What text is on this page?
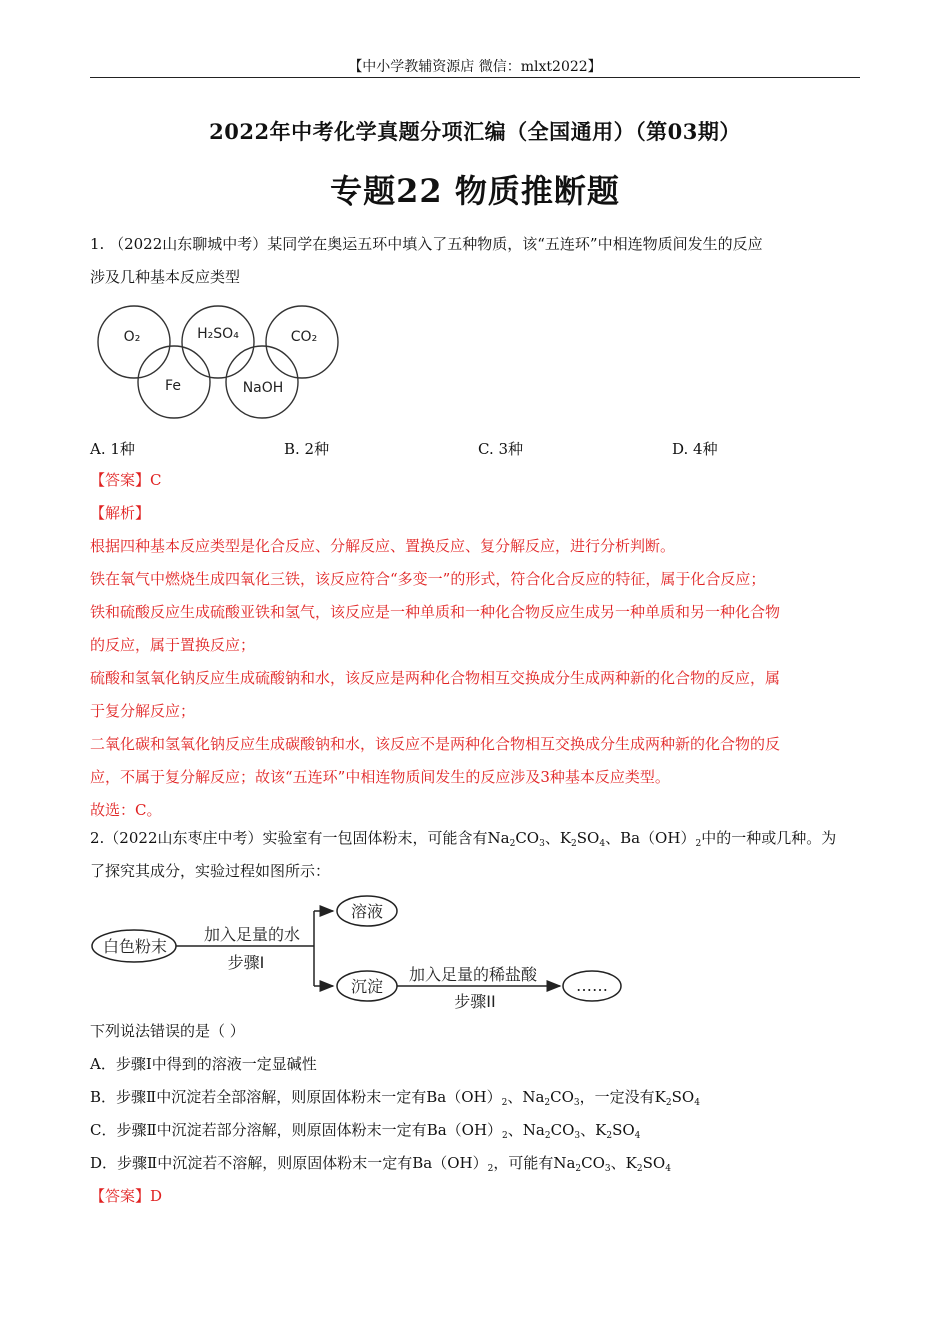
【中小学教辅资源店 微信：mlxt2022】
2022年中考化学真题分项汇编（全国通用）（第03期）
专题22 物质推断题
1. （2022山东聊城中考）某同学在奥运五环中填入了五种物质，该“五连环”中相连物质间发生的反应
涉及几种基本反应类型
O₂	H₂SO₄	CO₂
Fe	NaOH
A. 1种	B. 2种	C. 3种	D. 4种
【答案】C
【解析】
根据四种基本反应类型是化合反应、分解反应、置换反应、复分解反应，进行分析判断。
铁在氧气中燃烧生成四氧化三铁，该反应符合“多变一”的形式，符合化合反应的特征，属于化合反应；
铁和硫酸反应生成硫酸亚铁和氢气，该反应是一种单质和一种化合物反应生成另一种单质和另一种化合物
的反应，属于置换反应；
硫酸和氢氧化钠反应生成硫酸钠和水，该反应是两种化合物相互交换成分生成两种新的化合物的反应，属
于复分解反应；
二氧化碳和氢氧化钠反应生成碳酸钠和水，该反应不是两种化合物相互交换成分生成两种新的化合物的反
应，不属于复分解反应；故该“五连环”中相连物质间发生的反应涉及3种基本反应类型。
故选：C。
2.（2022山东枣庄中考）实验室有一包固体粉末，可能含有$Na_2CO_3$、$K_2SO_4$、$Ba(OH)_2$中的一种或几种。为
了探究其成分，实验过程如图所示：
白色粉末
加入足量的水
步骤I
溶液
沉淀
加入足量的稀盐酸
步骤II
……
下列说法错误的是（ ）
A．步骤Ⅰ中得到的溶液一定显碱性
B．步骤Ⅱ中沉淀若全部溶解，则原固体粉末一定有$Ba(OH)_2$、$Na_2CO_3$，一定没有$K_2SO_4$
C．步骤Ⅱ中沉淀若部分溶解，则原固体粉末一定有$Ba(OH)_2$、$Na_2CO_3$、$K_2SO_4$
D．步骤Ⅱ中沉淀若不溶解，则原固体粉末一定有$Ba(OH)_2$，可能有$Na_2CO_3$、$K_2SO_4$
【答案】D
